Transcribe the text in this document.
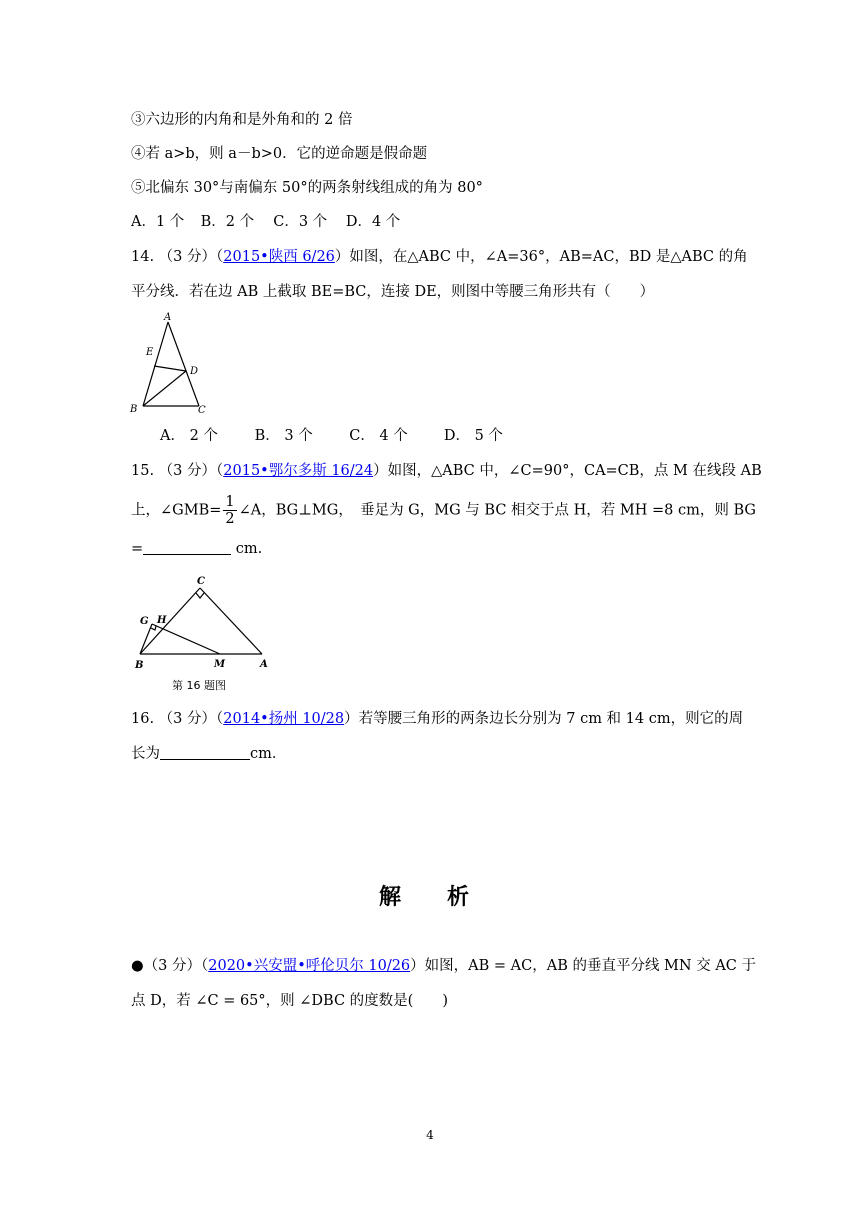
③六边形的内角和是外角和的 2 倍
④若 a>b，则 a－b>0．它的逆命题是假命题
⑤北偏东 30°与南偏东 50°的两条射线组成的角为 80°
A．1 个 B．2 个 C．3 个 D．4 个
14. （3 分）（2015•陕西 6/26）如图，在△ABC 中，∠A=36°，AB=AC，BD 是△ABC 的角
平分线．若在边 AB 上截取 BE=BC，连接 DE，则图中等腰三角形共有（　　）
A
E
D
B	C
A． 2 个	B． 3 个	C． 4 个 D． 5 个
15. （3 分）（2015•鄂尔多斯 16/24）如图，△ABC 中，∠C=90°，CA=CB，点 M 在线段 AB
上，∠GMB= $\frac{1}{2}$ ∠A，BG⊥MG，　垂足为 G，MG 与 BC 相交于点 H，若 MH =8 cm，则 BG
=	cm.
C
G H
B	M	A
第 16 题图
16. （3 分）（2014•扬州 10/28）若等腰三角形的两条边长分别为 7 cm 和 14 cm，则它的周
长为	cm．
解　析
●（3 分）（2020•兴安盟•呼伦贝尔 10/26）如图，AB = AC，AB 的垂直平分线 MN 交 AC 于
点 D，若 ∠C = 65°，则 ∠DBC 的度数是(　　)
4
